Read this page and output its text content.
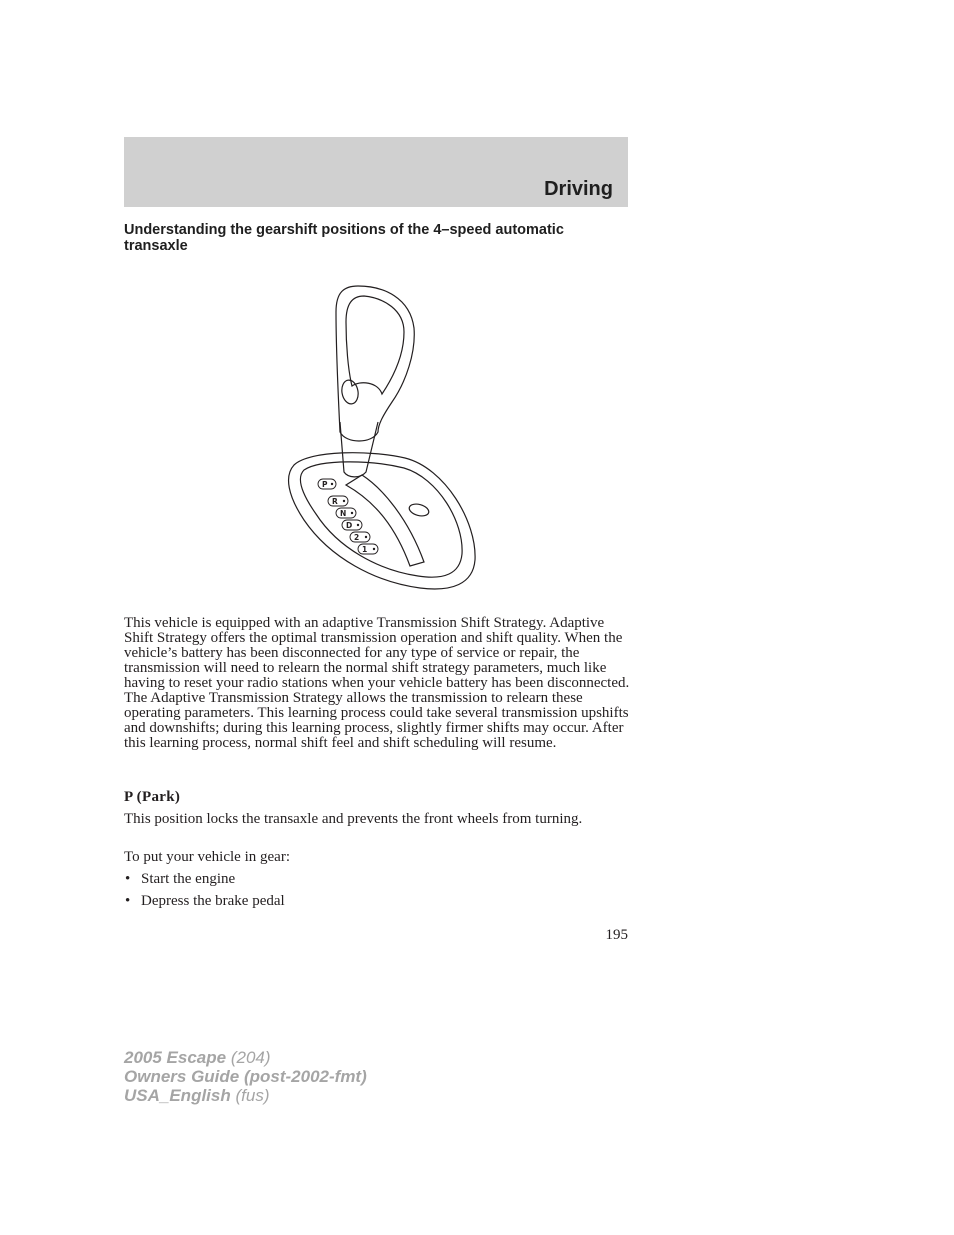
Driving
Understanding the gearshift positions of the 4–speed automatic transaxle
P
R
N
D
2
1

This vehicle is equipped with an adaptive Transmission Shift Strategy. Adaptive Shift Strategy offers the optimal transmission operation and shift quality. When the vehicle’s battery has been disconnected for any type of service or repair, the transmission will need to relearn the normal shift strategy parameters, much like having to reset your radio stations when your vehicle battery has been disconnected. The Adaptive Transmission Strategy allows the transmission to relearn these operating parameters. This learning process could take several transmission upshifts and downshifts; during this learning process, slightly firmer shifts may occur. After this learning process, normal shift feel and shift scheduling will resume.

P (Park)

This position locks the transaxle and prevents the front wheels from turning.

To put your vehicle in gear:

• Start the engine
• Depress the brake pedal
195
2005 Escape (204)
Owners Guide (post-2002-fmt)
USA_English (fus)
